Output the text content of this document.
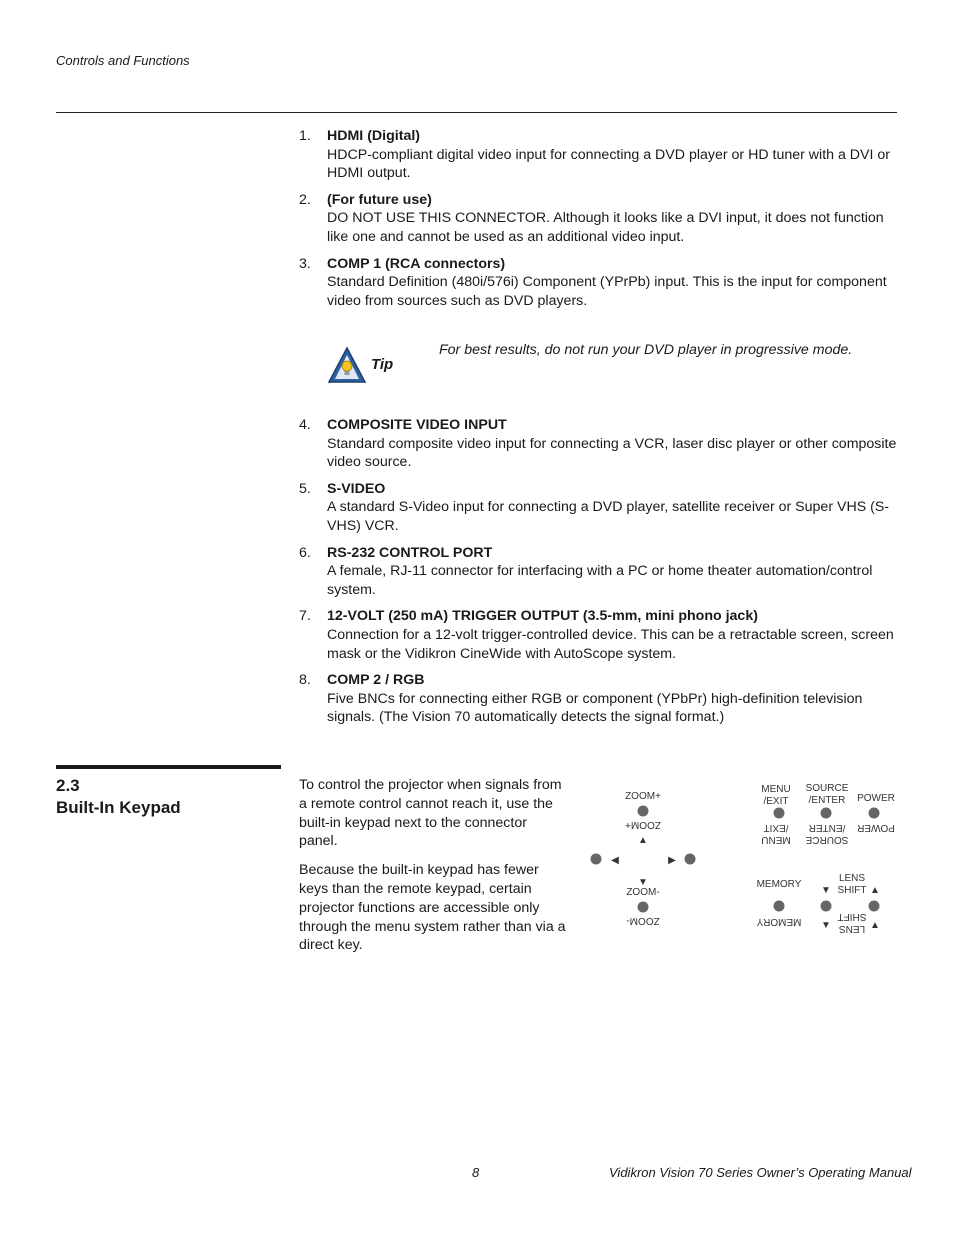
Controls and Functions
1. HDMI (Digital)
HDCP-compliant digital video input for connecting a DVD player or HD tuner with a DVI or HDMI output.
2. (For future use)
DO NOT USE THIS CONNECTOR. Although it looks like a DVI input, it does not function like one and cannot be used as an additional video input.
3. COMP 1 (RCA connectors)
Standard Definition (480i/576i) Component (YPrPb) input. This is the input for component video from sources such as DVD players.
Tip
For best results, do not run your DVD player in progressive mode.
4. COMPOSITE VIDEO INPUT
Standard composite video input for connecting a VCR, laser disc player or other composite video source.
5. S-VIDEO
A standard S-Video input for connecting a DVD player, satellite receiver or Super VHS (S-VHS) VCR.
6. RS-232 CONTROL PORT
A female, RJ-11 connector for interfacing with a PC or home theater automation/control system.
7. 12-VOLT (250 mA) TRIGGER OUTPUT (3.5-mm, mini phono jack)
Connection for a 12-volt trigger-controlled device. This can be a retractable screen, screen mask or the Vidikron CineWide with AutoScope system.
8. COMP 2 / RGB
Five BNCs for connecting either RGB or component (YPbPr) high-definition television signals. (The Vision 70 automatically detects the signal format.)
2.3
Built-In Keypad

To control the projector when signals from a remote control cannot reach it, use the built-in keypad next to the connector panel.

Because the built-in keypad has fewer keys than the remote keypad, certain projector functions are accessible only through the menu system rather than via a direct key.

ZOOM+
ZOOM+
▲
◀	▶
▼
ZOOM-
ZOOM-
MENU
/EXIT
/EXIT
MENU
SOURCE
/ENTER
/ENTER
SOURCE
POWER
POWER
MEMORY
MEMORY
LENS
SHIFT
▼	▲
SHIFT
LENS
▼	▲
8	Vidikron Vision 70 Series Owner’s Operating Manual
